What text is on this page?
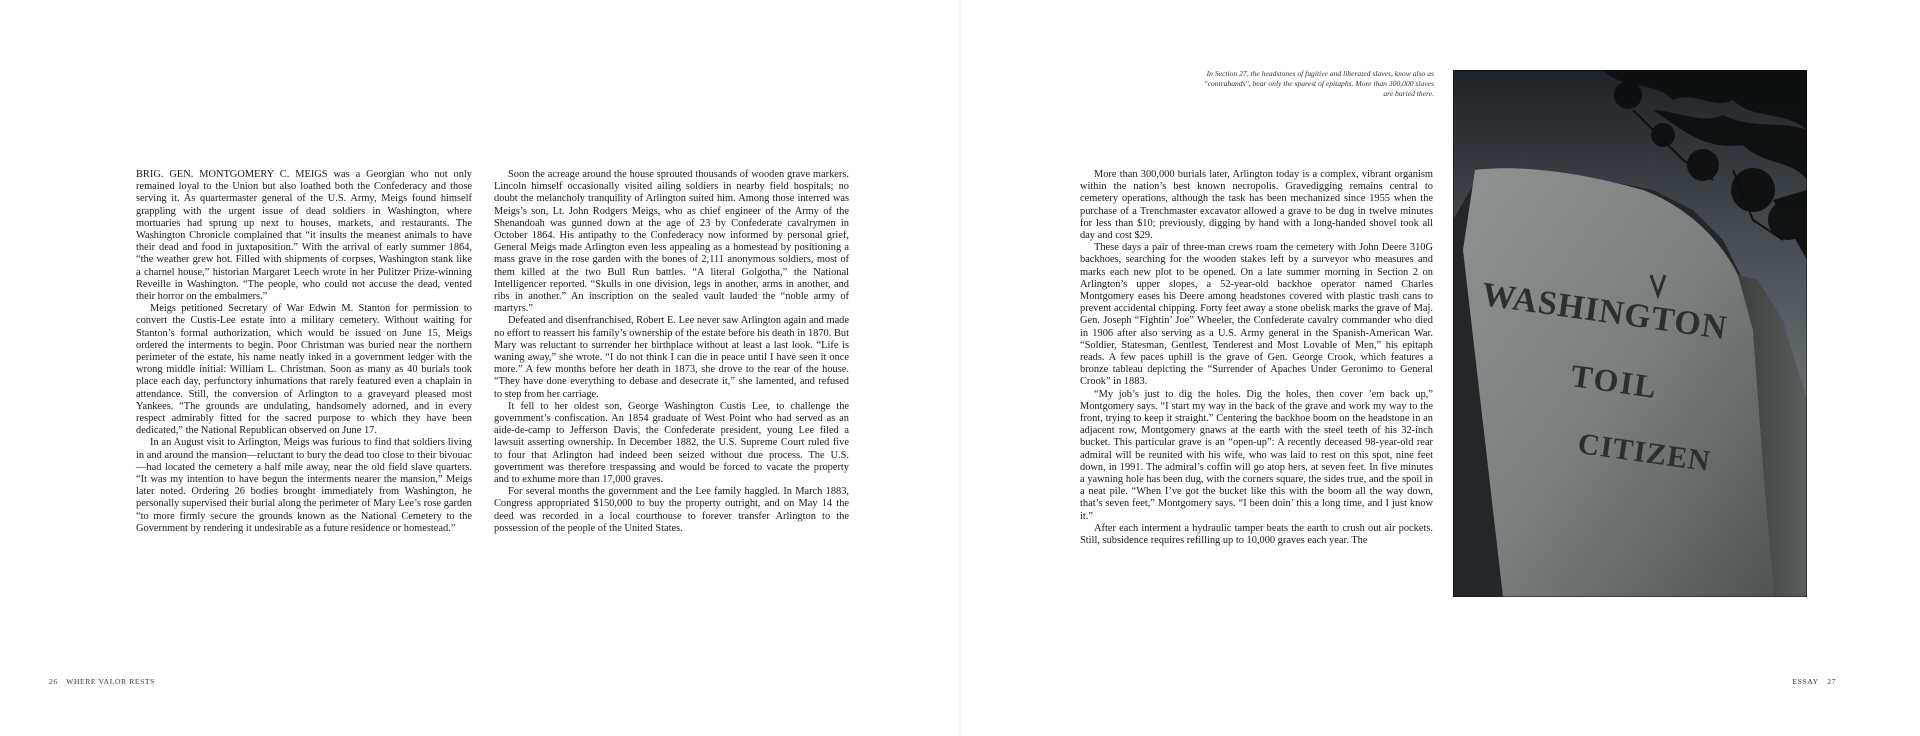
BRIG. GEN. MONTGOMERY C. MEIGS was a Georgian who not only remained loyal to the Union but also loathed both the Confederacy and those serving it. As quartermaster general of the U.S. Army, Meigs found himself grappling with the urgent issue of dead soldiers in Washington, where mortuaries had sprung up next to houses, markets, and restaurants. The Washington Chronicle complained that “it insults the meanest animals to have their dead and food in juxtaposition.” With the arrival of early summer 1864, “the weather grew hot. Filled with shipments of corpses, Washington stank like a charnel house,” historian Margaret Leech wrote in her Pulitzer Prize-winning Reveille in Washington. “The people, who could not accuse the dead, vented their horror on the embalmers.”

Meigs petitioned Secretary of War Edwin M. Stanton for permission to convert the Custis-Lee estate into a military cemetery. Without waiting for Stanton’s formal authorization, which would be issued on June 15, Meigs ordered the interments to begin. Poor Christman was buried near the northern perimeter of the estate, his name neatly inked in a government ledger with the wrong middle initial: William L. Christman. Soon as many as 40 burials took place each day, perfunctory inhumations that rarely featured even a chaplain in attendance. Still, the conversion of Arlington to a graveyard pleased most Yankees. “The grounds are undulating, handsomely adorned, and in every respect admirably fitted for the sacred purpose to which they have been dedicated,” the National Republican observed on June 17.

In an August visit to Arlington, Meigs was furious to find that soldiers living in and around the mansion—reluctant to bury the dead too close to their bivouac—had located the cemetery a half mile away, near the old field slave quarters. “It was my intention to have begun the interments nearer the mansion,” Meigs later noted. Ordering 26 bodies brought immediately from Washington, he personally supervised their burial along the perimeter of Mary Lee’s rose garden “to more firmly secure the grounds known as the National Cemetery to the Government by rendering it undesirable as a future residence or homestead.”

Soon the acreage around the house sprouted thousands of wooden grave markers. Lincoln himself occasionally visited ailing soldiers in nearby field hospitals; no doubt the melancholy tranquility of Arlington suited him. Among those interred was Meigs’s son, Lt. John Rodgers Meigs, who as chief engineer of the Army of the Shenandoah was gunned down at the age of 23 by Confederate cavalrymen in October 1864. His antipathy to the Confederacy now informed by personal grief, General Meigs made Arlington even less appealing as a homestead by positioning a mass grave in the rose garden with the bones of 2,111 anonymous soldiers, most of them killed at the two Bull Run battles. “A literal Golgotha,” the National Intelligencer reported. “Skulls in one division, legs in another, arms in another, and ribs in another.” An inscription on the sealed vault lauded the “noble army of martyrs.”

Defeated and disenfranchised, Robert E. Lee never saw Arlington again and made no effort to reassert his family’s ownership of the estate before his death in 1870. But Mary was reluctant to surrender her birthplace without at least a last look. “Life is waning away,” she wrote. “I do not think I can die in peace until I have seen it once more.” A few months before her death in 1873, she drove to the rear of the house. “They have done everything to debase and desecrate it,” she lamented, and refused to step from her carriage.

It fell to her oldest son, George Washington Custis Lee, to challenge the government’s confiscation. An 1854 graduate of West Point who had served as an aide-de-camp to Jefferson Davis, the Confederate president, young Lee filed a lawsuit asserting ownership. In December 1882, the U.S. Supreme Court ruled five to four that Arlington had indeed been seized without due process. The U.S. government was therefore trespassing and would be forced to vacate the property and to exhume more than 17,000 graves.

For several months the government and the Lee family haggled. In March 1883, Congress appropriated $150,000 to buy the property outright, and on May 14 the deed was recorded in a local courthouse to forever transfer Arlington to the possession of the people of the United States.

More than 300,000 burials later, Arlington today is a complex, vibrant organism within the nation’s best known necropolis. Gravedigging remains central to cemetery operations, although the task has been mechanized since 1955 when the purchase of a Trenchmaster excavator allowed a grave to be dug in twelve minutes for less than $10; previously, digging by hand with a long-handed shovel took all day and cost $29.

These days a pair of three-man crews roam the cemetery with John Deere 310G backhoes, searching for the wooden stakes left by a surveyor who measures and marks each new plot to be opened. On a late summer morning in Section 2 on Arlington’s upper slopes, a 52-year-old backhoe operator named Charles Montgomery eases his Deere among headstones covered with plastic trash cans to prevent accidental chipping. Forty feet away a stone obelisk marks the grave of Maj. Gen. Joseph “Fightin’ Joe” Wheeler, the Confederate cavalry commander who died in 1906 after also serving as a U.S. Army general in the Spanish-American War. “Soldier, Statesman, Gentlest, Tenderest and Most Lovable of Men,” his epitaph reads. A few paces uphill is the grave of Gen. George Crook, which features a bronze tableau depicting the “Surrender of Apaches Under Geronimo to General Crook” in 1883.

“My job’s just to dig the holes. Dig the holes, then cover ’em back up,” Montgomery says. “I start my way in the back of the grave and work my way to the front, trying to keep it straight.” Centering the backhoe boom on the headstone in an adjacent row, Montgomery gnaws at the earth with the steel teeth of his 32-inch bucket. This particular grave is an “open-up”: A recently deceased 98-year-old rear admiral will be reunited with his wife, who was laid to rest on this spot, nine feet down, in 1991. The admiral’s coffin will go atop hers, at seven feet. In five minutes a yawning hole has been dug, with the corners square, the sides true, and the spoil in a neat pile. “When I’ve got the bucket like this with the boom all the way down, that’s seven feet,” Montgomery says. “I been doin’ this a long time, and I just know it.”

After each interment a hydraulic tamper beats the earth to crush out air pockets. Still, subsidence requires refilling up to 10,000 graves each year. The

In Section 27, the headstones of fugitive and liberated slaves, know also as "contrabands", bear only the sparest of epitaphs. More than 300,000 slaves are buried there.
WASHINGTON
TOIL
CITIZEN
26 WHERE VALOR RESTS	ESSAY 27
